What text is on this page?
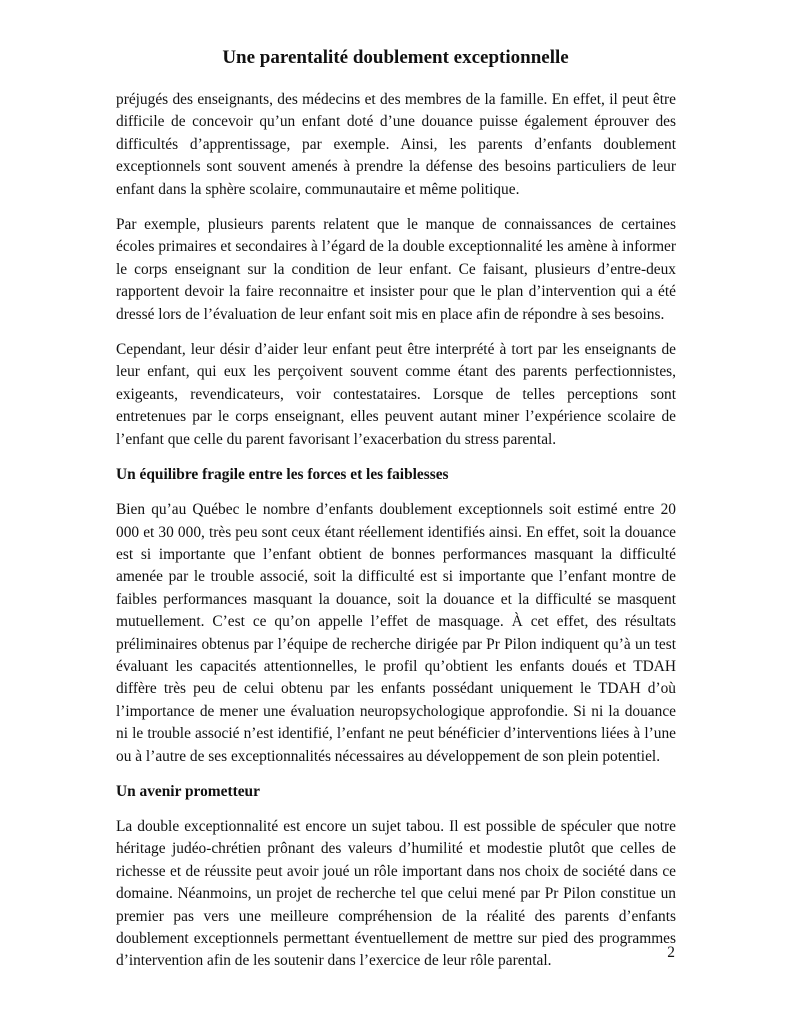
Une parentalité doublement exceptionnelle

préjugés des enseignants, des médecins et des membres de la famille. En effet, il peut être difficile de concevoir qu’un enfant doté d’une douance puisse également éprouver des difficultés d’apprentissage, par exemple. Ainsi, les parents d’enfants doublement exceptionnels sont souvent amenés à prendre la défense des besoins particuliers de leur enfant dans la sphère scolaire, communautaire et même politique.

Par exemple, plusieurs parents relatent que le manque de connaissances de certaines écoles primaires et secondaires à l’égard de la double exceptionnalité les amène à informer le corps enseignant sur la condition de leur enfant. Ce faisant, plusieurs d’entre-deux rapportent devoir la faire reconnaitre et insister pour que le plan d’intervention qui a été dressé lors de l’évaluation de leur enfant soit mis en place afin de répondre à ses besoins.

Cependant, leur désir d’aider leur enfant peut être interprété à tort par les enseignants de leur enfant, qui eux les perçoivent souvent comme étant des parents perfectionnistes, exigeants, revendicateurs, voir contestataires. Lorsque de telles perceptions sont entretenues par le corps enseignant, elles peuvent autant miner l’expérience scolaire de l’enfant que celle du parent favorisant l’exacerbation du stress parental.

Un équilibre fragile entre les forces et les faiblesses

Bien qu’au Québec le nombre d’enfants doublement exceptionnels soit estimé entre 20 000 et 30 000, très peu sont ceux étant réellement identifiés ainsi. En effet, soit la douance est si importante que l’enfant obtient de bonnes performances masquant la difficulté amenée par le trouble associé, soit la difficulté est si importante que l’enfant montre de faibles performances masquant la douance, soit la douance et la difficulté se masquent mutuellement. C’est ce qu’on appelle l’effet de masquage. À cet effet, des résultats préliminaires obtenus par l’équipe de recherche dirigée par Pr Pilon indiquent qu’à un test évaluant les capacités attentionnelles, le profil qu’obtient les enfants doués et TDAH diffère très peu de celui obtenu par les enfants possédant uniquement le TDAH d’où l’importance de mener une évaluation neuropsychologique approfondie. Si ni la douance ni le trouble associé n’est identifié, l’enfant ne peut bénéficier d’interventions liées à l’une ou à l’autre de ses exceptionnalités nécessaires au développement de son plein potentiel.

Un avenir prometteur

La double exceptionnalité est encore un sujet tabou. Il est possible de spéculer que notre héritage judéo-chrétien prônant des valeurs d’humilité et modestie plutôt que celles de richesse et de réussite peut avoir joué un rôle important dans nos choix de société dans ce domaine. Néanmoins, un projet de recherche tel que celui mené par Pr Pilon constitue un premier pas vers une meilleure compréhension de la réalité des parents d’enfants doublement exceptionnels permettant éventuellement de mettre sur pied des programmes d’intervention afin de les soutenir dans l’exercice de leur rôle parental.	2
